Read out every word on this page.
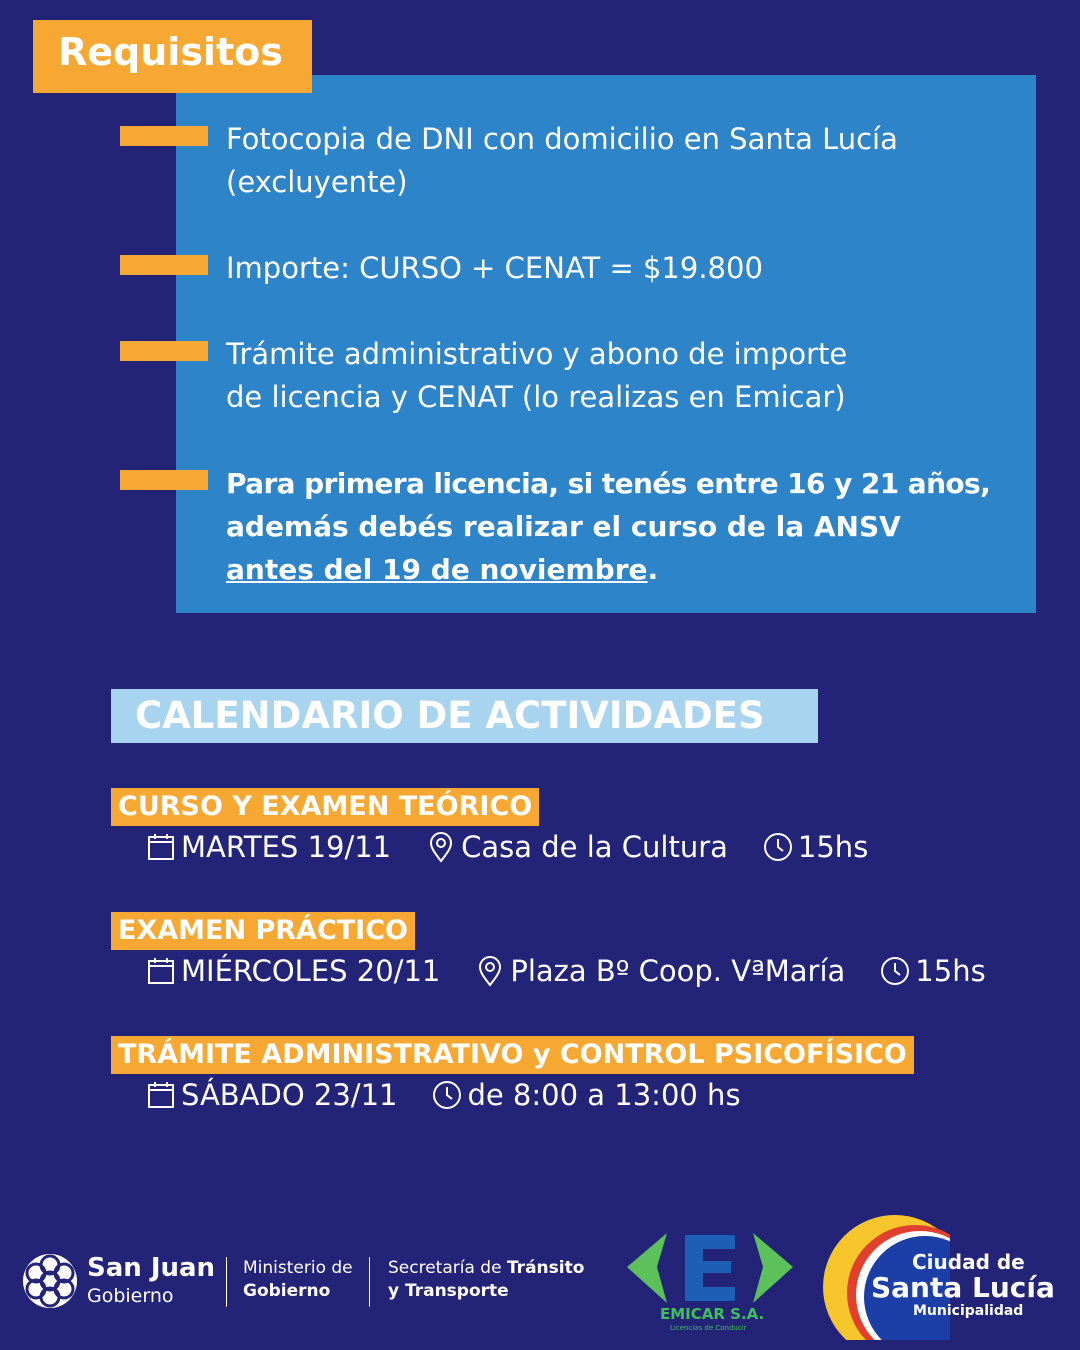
Requisitos
Fotocopia de DNI con domicilio en Santa Lucía
(excluyente)
Importe: CURSO + CENAT = $19.800
Trámite administrativo y abono de importe
de licencia y CENAT (lo realizas en Emicar)
Para primera licencia, si tenés entre 16 y 21 años,
además debés realizar el curso de la ANSV
antes del 19 de noviembre.
CALENDARIO DE ACTIVIDADES
CURSO Y EXAMEN TEÓRICO
MARTES 19/11 Casa de la Cultura 15hs
EXAMEN PRÁCTICO
MIÉRCOLES 20/11 Plaza Bº Coop. VªMaría 15hs
TRÁMITE ADMINISTRATIVO y CONTROL PSICOFÍSICO
SÁBADO 23/11 de 8:00 a 13:00 hs
San Juan
Gobierno
Ministerio de
Gobierno
Secretaría de Tránsito
y Transporte
EMICAR S.A.
Licencias de Conducir
Ciudad de
Santa Lucía
Municipalidad
